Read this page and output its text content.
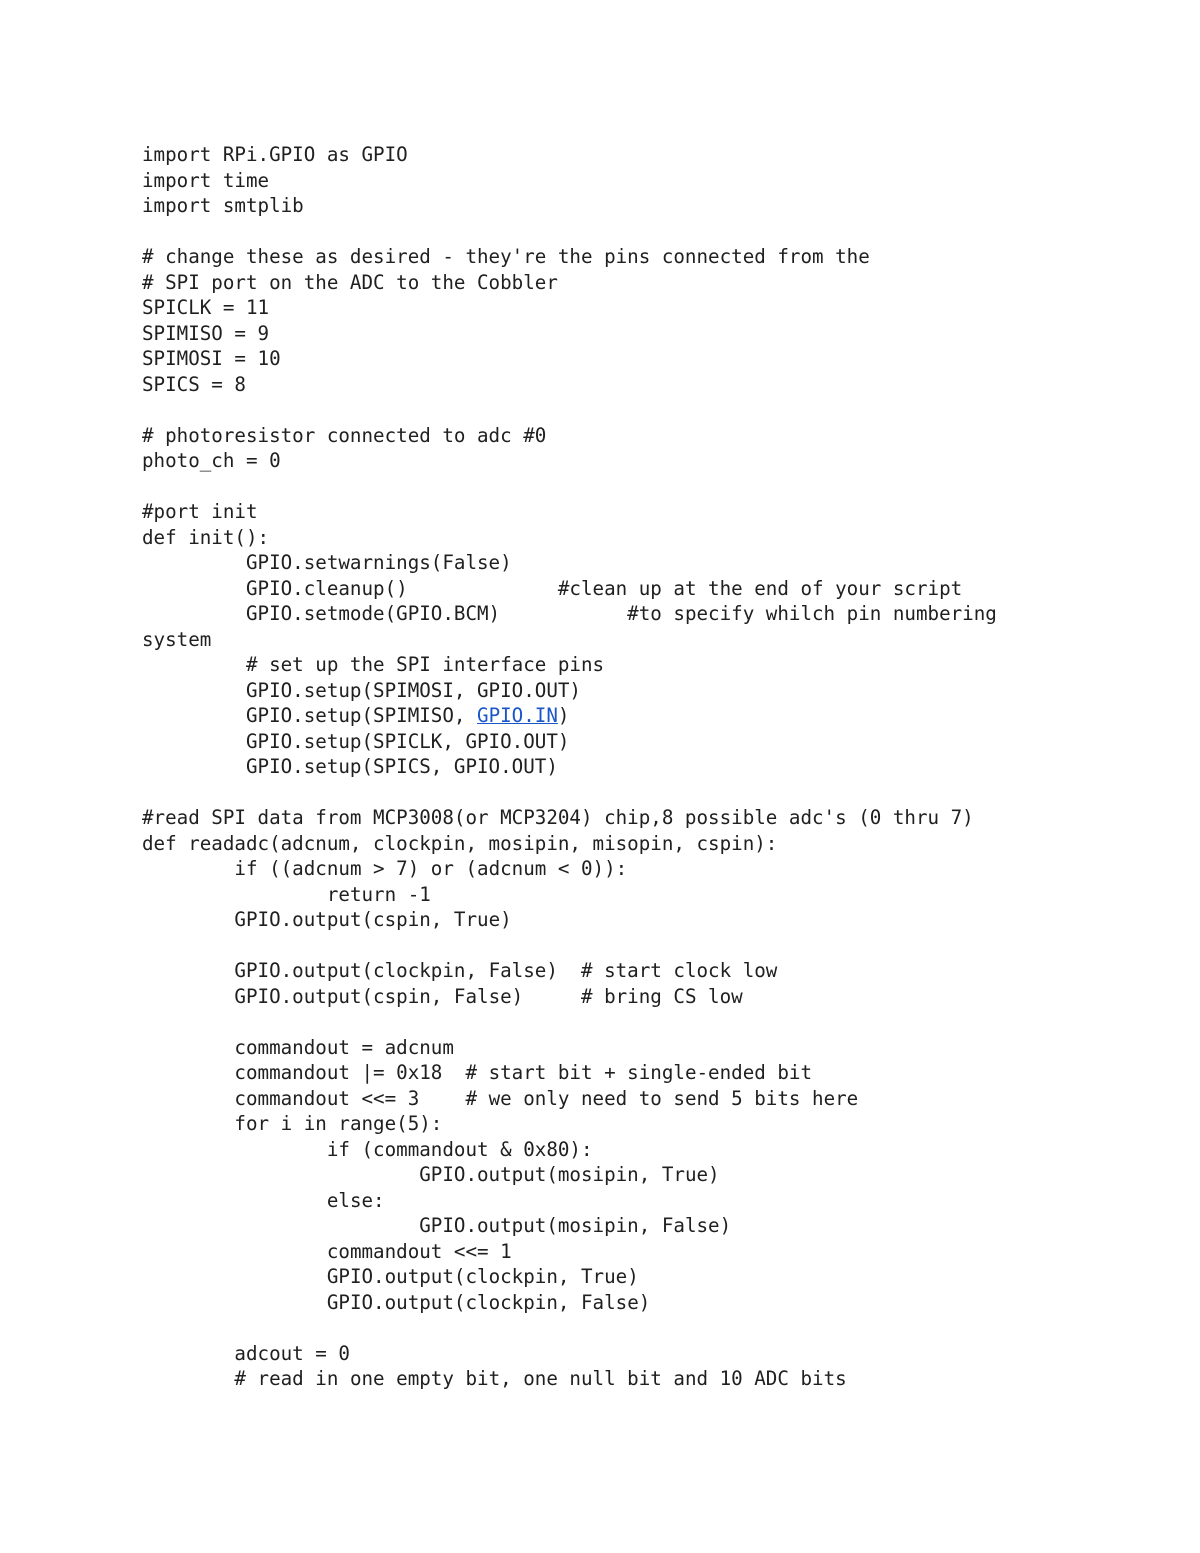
import RPi.GPIO as GPIO
import time
import smtplib
# change these as desired - they're the pins connected from the
# SPI port on the ADC to the Cobbler
SPICLK = 11
SPIMISO = 9
SPIMOSI = 10
SPICS = 8
# photoresistor connected to adc #0
photo_ch = 0
#port init
def init():
GPIO.setwarnings(False)
GPIO.cleanup()             #clean up at the end of your script
GPIO.setmode(GPIO.BCM)           #to specify whilch pin numbering
system
# set up the SPI interface pins
GPIO.setup(SPIMOSI, GPIO.OUT)
GPIO.setup(SPIMISO, GPIO.IN)
GPIO.setup(SPICLK, GPIO.OUT)
GPIO.setup(SPICS, GPIO.OUT)
#read SPI data from MCP3008(or MCP3204) chip,8 possible adc's (0 thru 7)
def readadc(adcnum, clockpin, mosipin, misopin, cspin):
if ((adcnum > 7) or (adcnum < 0)):
return -1
GPIO.output(cspin, True)
GPIO.output(clockpin, False)  # start clock low
GPIO.output(cspin, False)     # bring CS low
commandout = adcnum
commandout |= 0x18  # start bit + single-ended bit
commandout <<= 3    # we only need to send 5 bits here
for i in range(5):
if (commandout & 0x80):
GPIO.output(mosipin, True)
else:
GPIO.output(mosipin, False)
commandout <<= 1
GPIO.output(clockpin, True)
GPIO.output(clockpin, False)
adcout = 0
# read in one empty bit, one null bit and 10 ADC bits
